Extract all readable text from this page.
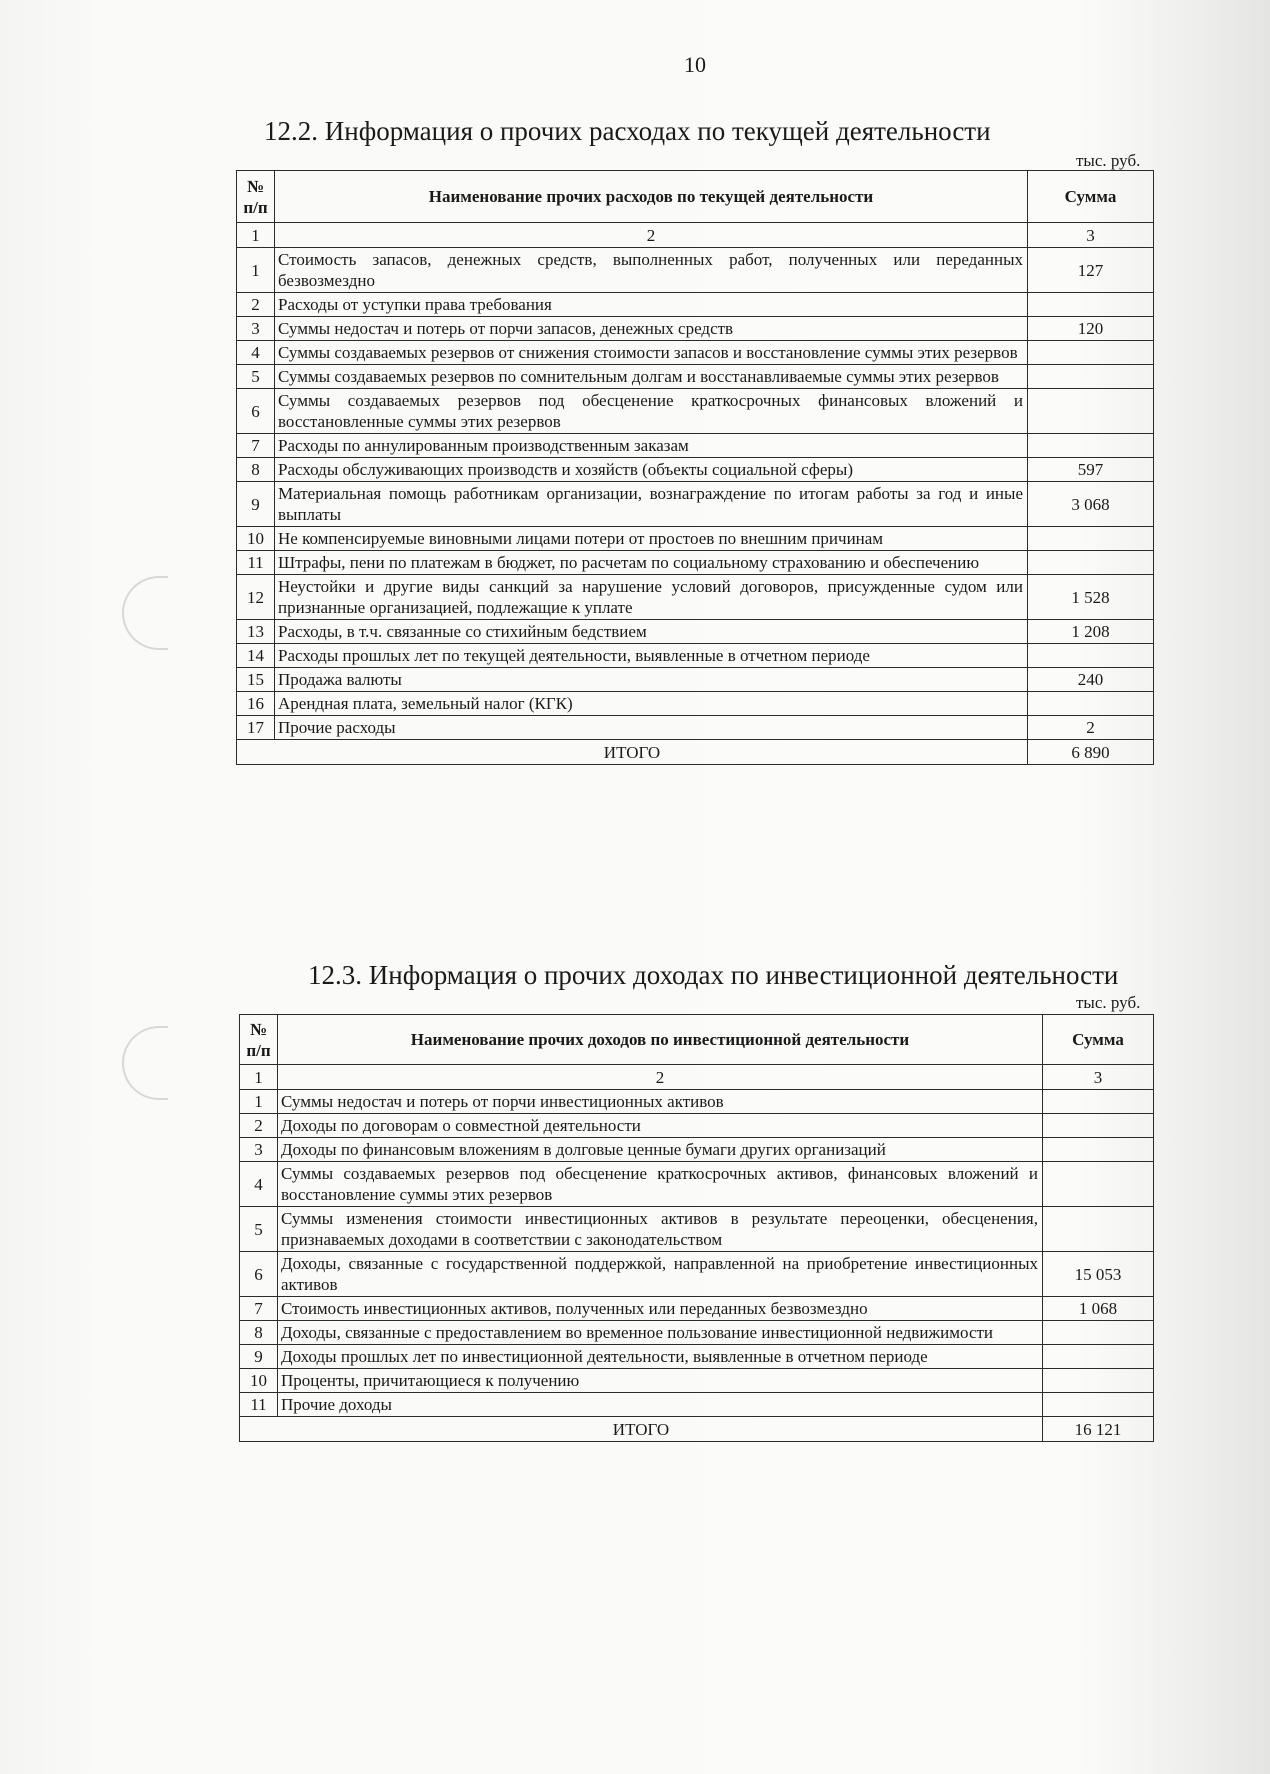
10
12.2. Информация о прочих расходах по текущей деятельности
тыс. руб.
№
п/п	Наименование прочих расходов по текущей деятельности	Сумма
1	2	3
1	Стоимость запасов, денежных средств, выполненных работ, полученных или переданных безвозмездно	127
2	Расходы от уступки права требования	
3	Суммы недостач и потерь от порчи запасов, денежных средств	120
4	Суммы создаваемых резервов от снижения стоимости запасов и восстановление суммы этих резервов	
5	Суммы создаваемых резервов по сомнительным долгам и восстанавливаемые суммы этих резервов	
6	Суммы создаваемых резервов под обесценение краткосрочных финансовых вложений и восстановленные суммы этих резервов	
7	Расходы по аннулированным производственным заказам	
8	Расходы обслуживающих производств и хозяйств (объекты социальной сферы)	597
9	Материальная помощь работникам организации, вознаграждение по итогам работы за год и иные выплаты	3 068
10	Не компенсируемые виновными лицами потери от простоев по внешним причинам	
11	Штрафы, пени по платежам в бюджет, по расчетам по социальному страхованию и обеспечению	
12	Неустойки и другие виды санкций за нарушение условий договоров, присужденные судом или признанные организацией, подлежащие к уплате	1 528
13	Расходы, в т.ч. связанные со стихийным бедствием	1 208
14	Расходы прошлых лет по текущей деятельности, выявленные в отчетном периоде	
15	Продажа валюты	240
16	Арендная плата, земельный налог (КГК)	
17	Прочие расходы	2
ИТОГО		6 890
12.3. Информация о прочих доходах по инвестиционной деятельности
тыс. руб.
№
п/п	Наименование прочих доходов по инвестиционной деятельности	Сумма
1	2	3
1	Суммы недостач и потерь от порчи инвестиционных активов	
2	Доходы по договорам о совместной деятельности	
3	Доходы по финансовым вложениям в долговые ценные бумаги других организаций	
4	Суммы создаваемых резервов под обесценение краткосрочных активов, финансовых вложений и восстановление суммы этих резервов	
5	Суммы изменения стоимости инвестиционных активов в результате переоценки, обесценения, признаваемых доходами в соответствии с законодательством	
6	Доходы, связанные с государственной поддержкой, направленной на приобретение инвестиционных активов	15 053
7	Стоимость инвестиционных активов, полученных или переданных безвозмездно	1 068
8	Доходы, связанные с предоставлением во временное пользование инвестиционной недвижимости	
9	Доходы прошлых лет по инвестиционной деятельности, выявленные в отчетном периоде	
10	Проценты, причитающиеся к получению	
11	Прочие доходы	
ИТОГО		16 121
